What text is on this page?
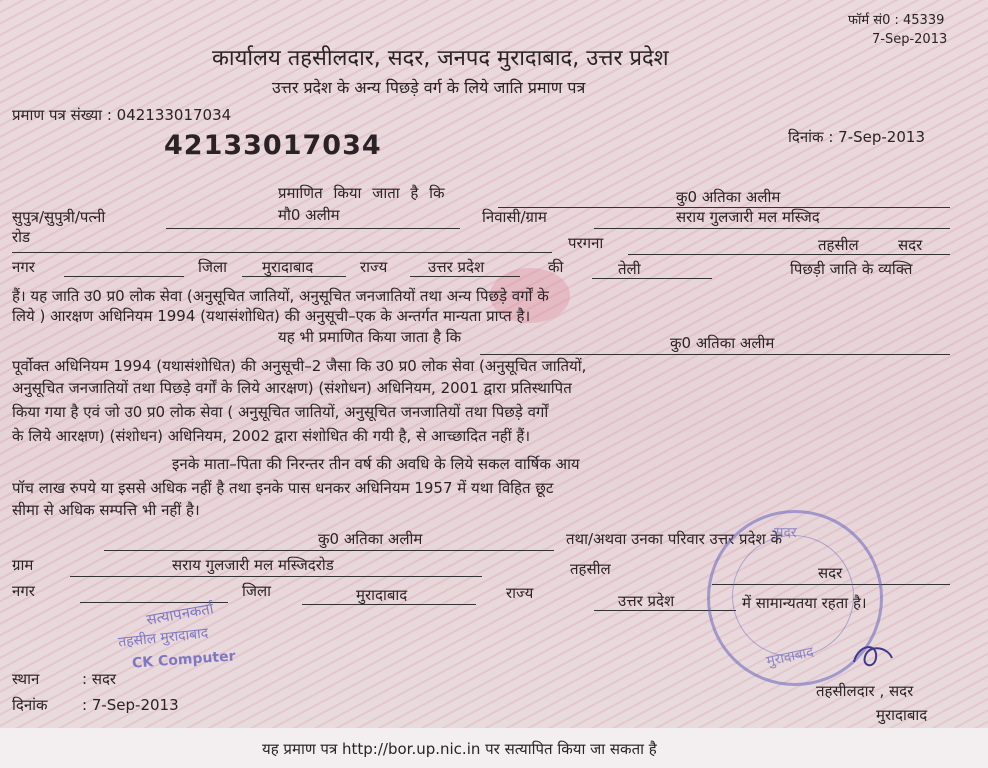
फॉर्म सं0 : 45339
7-Sep-2013
कार्यालय तहसीलदार, सदर, जनपद मुरादाबाद, उत्तर प्रदेश
उत्तर प्रदेश के अन्य पिछड़े वर्ग के लिये जाति प्रमाण पत्र
प्रमाण पत्र संख्या : 042133017034
42133017034	दिनांक : 7-Sep-2013
प्रमाणित किया जाता है कि	कु0 अतिका अलीम
सुपुत्र/सुपुत्री/पत्नी	मौ0 अलीम	निवासी/ग्राम	सराय गुलजारी मल मस्जिद
रोड	परगना	तहसील	सदर
नगर	जिला मुरादाबाद	राज्य	उत्तर प्रदेश	की	तेली	पिछड़ी जाति के व्यक्ति
हैं। यह जाति उ0 प्र0 लोक सेवा (अनुसूचित जातियों, अनुसूचित जनजातियों तथा अन्य पिछड़े वर्गों के
लिये ) आरक्षण अधिनियम 1994 (यथासंशोधित) की अनुसूची–एक के अन्तर्गत मान्यता प्राप्त है।
यह भी प्रमाणित किया जाता है कि	कु0 अतिका अलीम
पूर्वोक्त अधिनियम 1994 (यथासंशोधित) की अनुसूची–2 जैसा कि उ0 प्र0 लोक सेवा (अनुसूचित जातियों,
अनुसूचित जनजातियों तथा पिछड़े वर्गों के लिये आरक्षण) (संशोधन) अधिनियम, 2001 द्वारा प्रतिस्थापित
किया गया है एवं जो उ0 प्र0 लोक सेवा ( अनुसूचित जातियों, अनुसूचित जनजातियों तथा पिछड़े वर्गों
के लिये आरक्षण) (संशोधन) अधिनियम, 2002 द्वारा संशोधित की गयी है, से आच्छादित नहीं हैं।
इनके माता–पिता की निरन्तर तीन वर्ष की अवधि के लिये सकल वार्षिक आय
पॉच लाख रुपये या इससे अधिक नहीं है तथा इनके पास धनकर अधिनियम 1957 में यथा विहित छूट
सीमा से अधिक सम्पत्ति भी नहीं है।
कु0 अतिका अलीम	तथा/अथवा उनका परिवार उत्तर प्रदेश के
ग्राम	सराय गुलजारी मल मस्जिदरोड	तहसील	सदर
नगर	जिला	मुरादाबाद	राज्य	उत्तर प्रदेश	में सामान्यतया रहता है।
सदर
मुरादाबाद
सत्यापनकर्ता
तहसील मुरादाबाद
CK Computer
स्थान	: सदर
दिनांक : 7-Sep-2013
तहसीलदार , सदर
मुरादाबाद
यह प्रमाण पत्र http://bor.up.nic.in पर सत्यापित किया जा सकता है
